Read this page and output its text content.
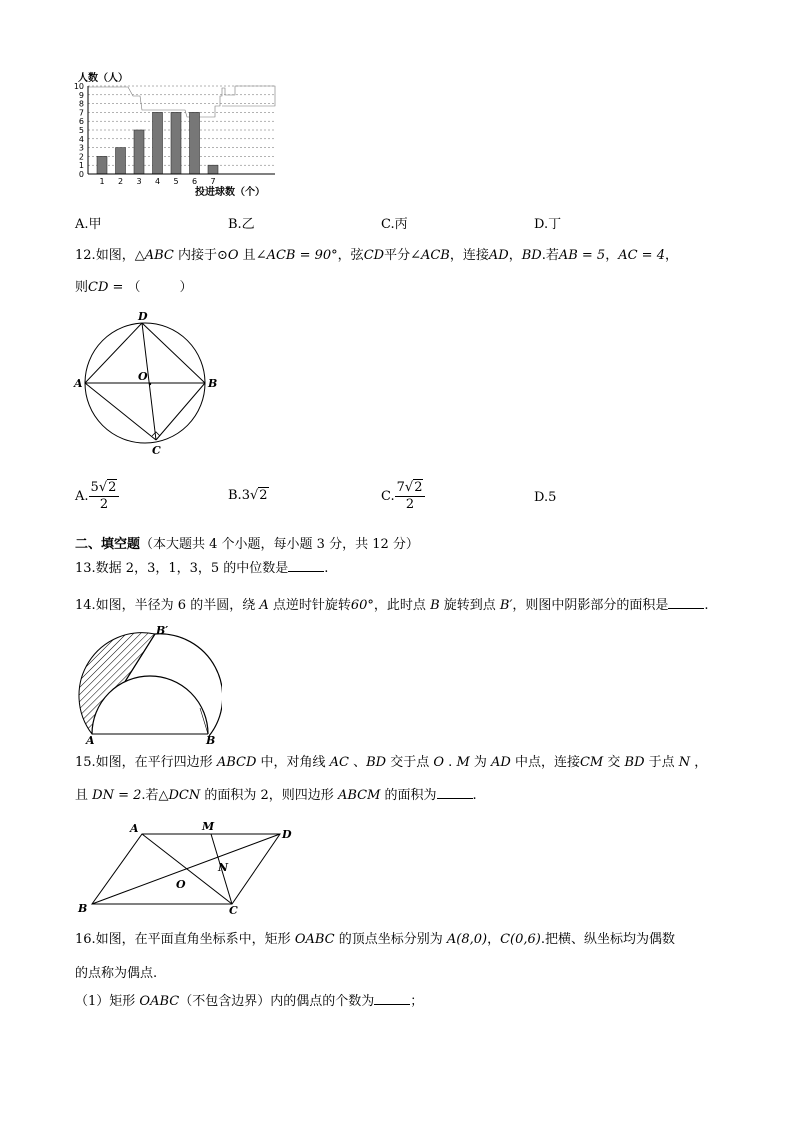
人数（人）
0
1
2
3
4
5
6
7
8
9
10
1 2 3 4 5 6 7
投进球数（个）
A.甲	B.乙	C.丙	D.丁
12.如图，△ABC 内接于⊙O 且∠ACB = 90°，弦CD平分∠ACB，连接AD，BD.若AB = 5，AC = 4，
则CD = （　　　）
D
A
O
B
C
A. $\frac{5√2}{2}$	B.3√2	C. $\frac{7√2}{2}$	D.5
二、填空题（本大题共 4 个小题，每小题 3 分，共 12 分）
13.数据 2，3，1，3，5 的中位数是	.
14.如图，半径为 6 的半圆，绕 A 点逆时针旋转60°，此时点 B 旋转到点 B′，则图中阴影部分的面积是	.
B′
A	B
15.如图，在平行四边形 ABCD 中，对角线 AC 、BD 交于点 O . M 为 AD 中点，连接CM 交 BD 于点 N ，
且 DN = 2.若△DCN 的面积为 2，则四边形 ABCM 的面积为	.
A	M
D
N
O
B	C
16.如图，在平面直角坐标系中，矩形 OABC 的顶点坐标分别为 A(8,0)，C(0,6).把横、纵坐标均为偶数
的点称为偶点.
（1）矩形 OABC（不包含边界）内的偶点的个数为	；
